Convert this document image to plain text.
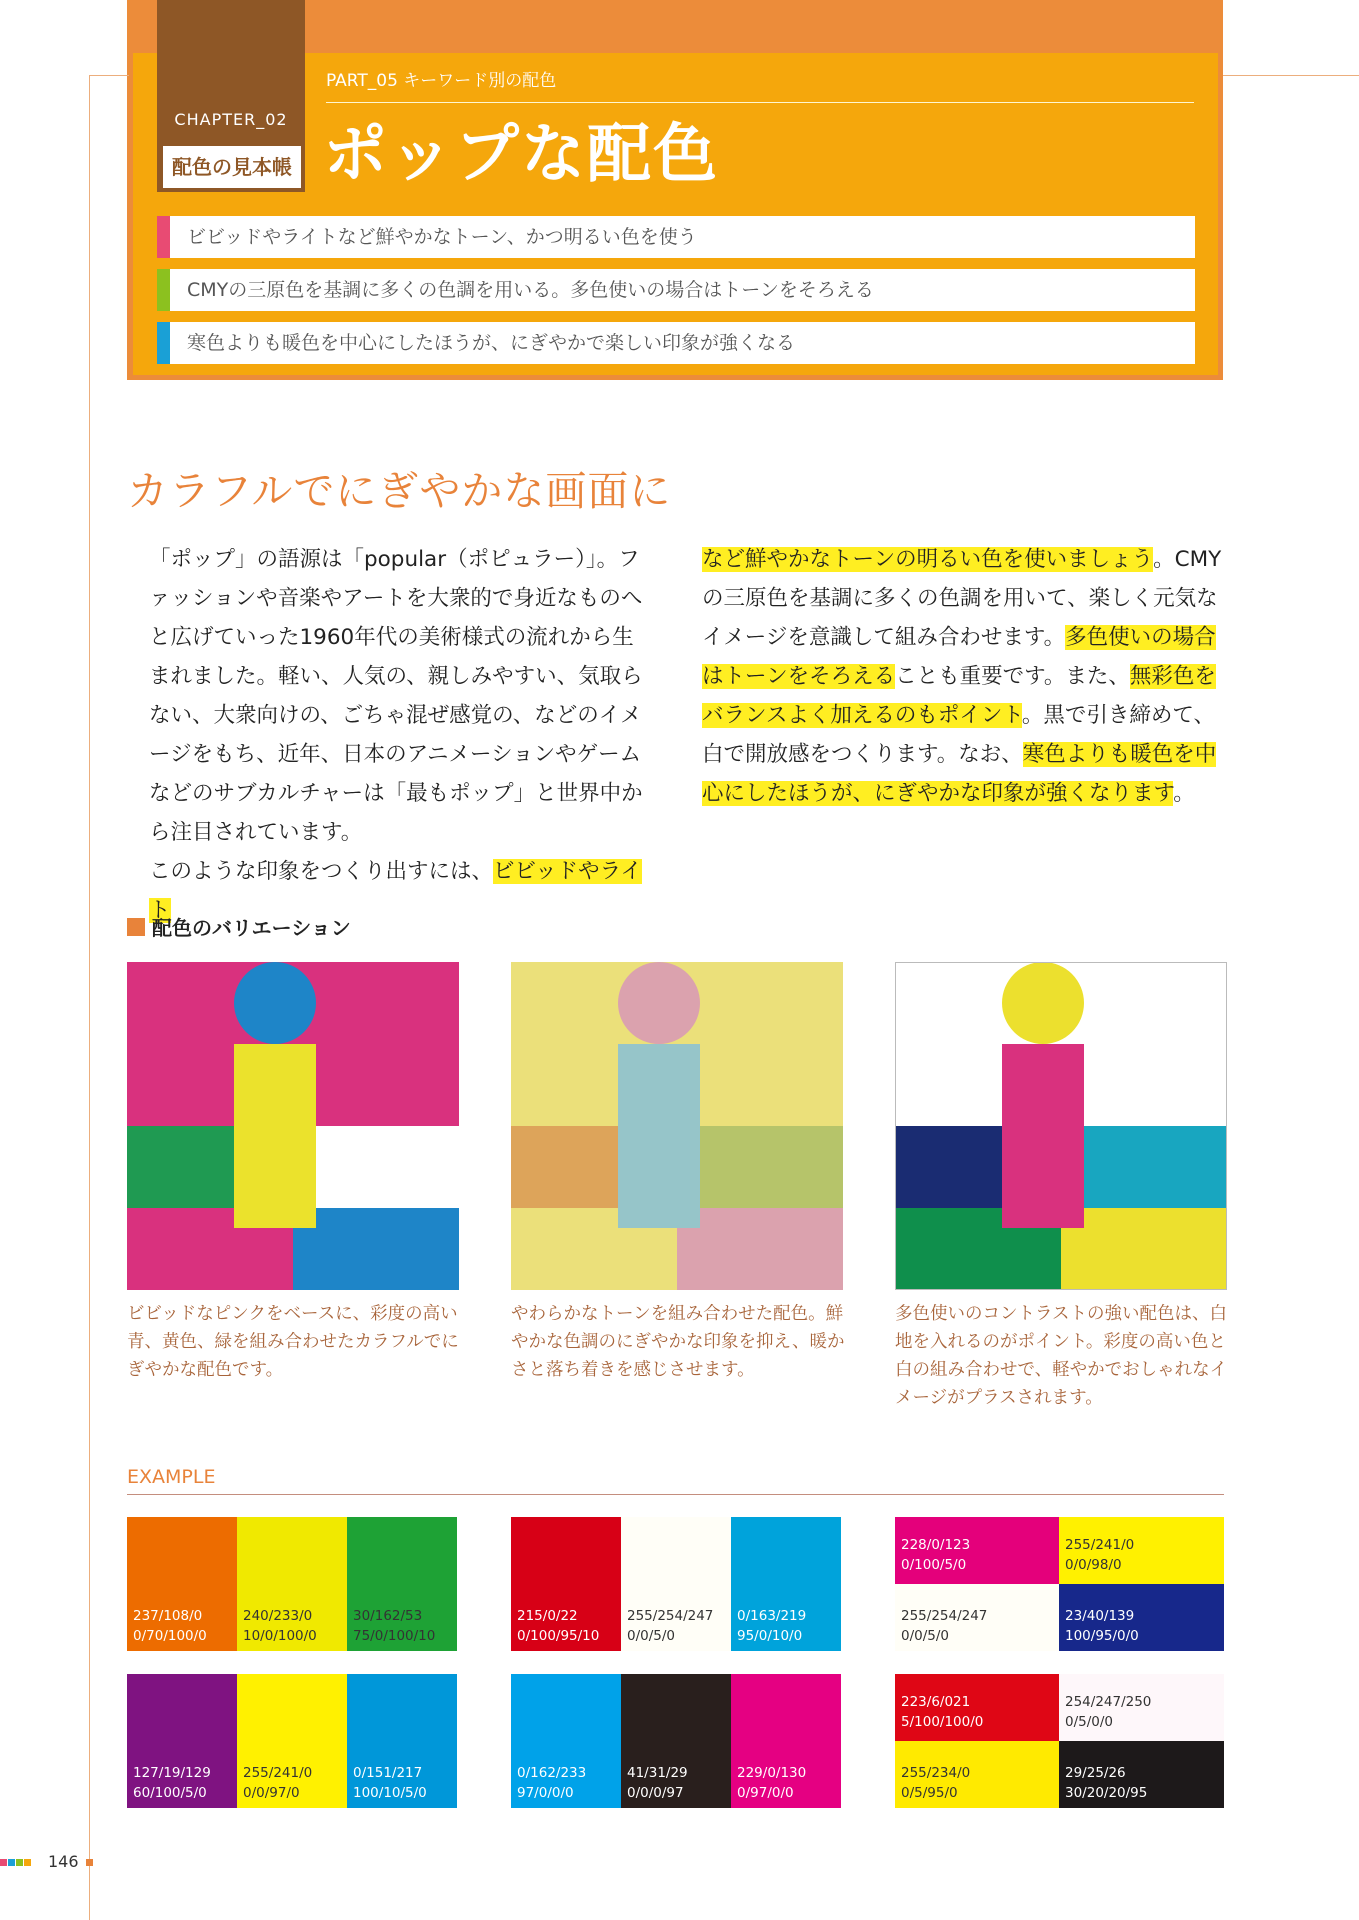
CHAPTER_02
配色の見本帳
PART_05 キーワード別の配色
ポップな配色
ビビッドやライトなど鮮やかなトーン、かつ明るい色を使う
CMYの三原色を基調に多くの色調を用いる。多色使いの場合はトーンをそろえる
寒色よりも暖色を中心にしたほうが、にぎやかで楽しい印象が強くなる
カラフルでにぎやかな画面に

「ポップ」の語源は「popular（ポピュラー）」。ファッションや音楽やアートを大衆的で身近なものへと広げていった1960年代の美術様式の流れから生まれました。軽い、人気の、親しみやすい、気取らない、大衆向けの、ごちゃ混ぜ感覚の、などのイメージをもち、近年、日本のアニメーションやゲームなどのサブカルチャーは「最もポップ」と世界中から注目されています。

このような印象をつくり出すには、ビビッドやライト

など鮮やかなトーンの明るい色を使いましょう。CMYの三原色を基調に多くの色調を用いて、楽しく元気なイメージを意識して組み合わせます。多色使いの場合はトーンをそろえることも重要です。また、無彩色をバランスよく加えるのもポイント。黒で引き締めて、白で開放感をつくります。なお、寒色よりも暖色を中心にしたほうが、にぎやかな印象が強くなります。

配色のバリエーション
ビビッドなピンクをベースに、彩度の高い青、黄色、緑を組み合わせたカラフルでにぎやかな配色です。
やわらかなトーンを組み合わせた配色。鮮やかな色調のにぎやかな印象を抑え、暖かさと落ち着きを感じさせます。
多色使いのコントラストの強い配色は、白地を入れるのがポイント。彩度の高い色と白の組み合わせで、軽やかでおしゃれなイメージがプラスされます。
EXAMPLE
237/108/0
0/70/100/0
240/233/0
10/0/100/0
30/162/53
75/0/100/10
215/0/22
0/100/95/10
255/254/247
0/0/5/0
0/163/219
95/0/10/0
228/0/123
0/100/5/0
255/241/0
0/0/98/0
255/254/247
0/0/5/0
23/40/139
100/95/0/0
127/19/129
60/100/5/0
255/241/0
0/0/97/0
0/151/217
100/10/5/0
0/162/233
97/0/0/0
41/31/29
0/0/0/97
229/0/130
0/97/0/0
223/6/021
5/100/100/0
254/247/250
0/5/0/0
255/234/0
0/5/95/0
29/25/26
30/20/20/95
146
